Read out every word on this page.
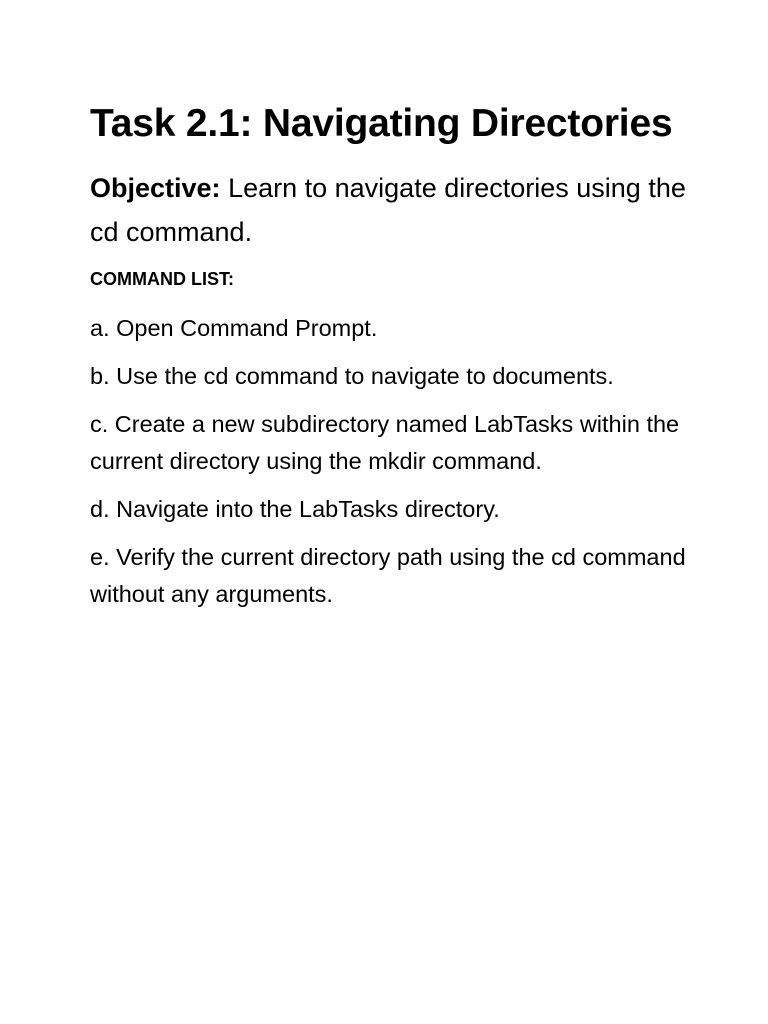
Task 2.1: Navigating Directories

Objective: Learn to navigate directories using the cd command.

COMMAND LIST:
a. Open Command Prompt.
b. Use the cd command to navigate to documents.
c. Create a new subdirectory named LabTasks within the current directory using the mkdir command.
d. Navigate into the LabTasks directory.
e. Verify the current directory path using the cd command without any arguments.
